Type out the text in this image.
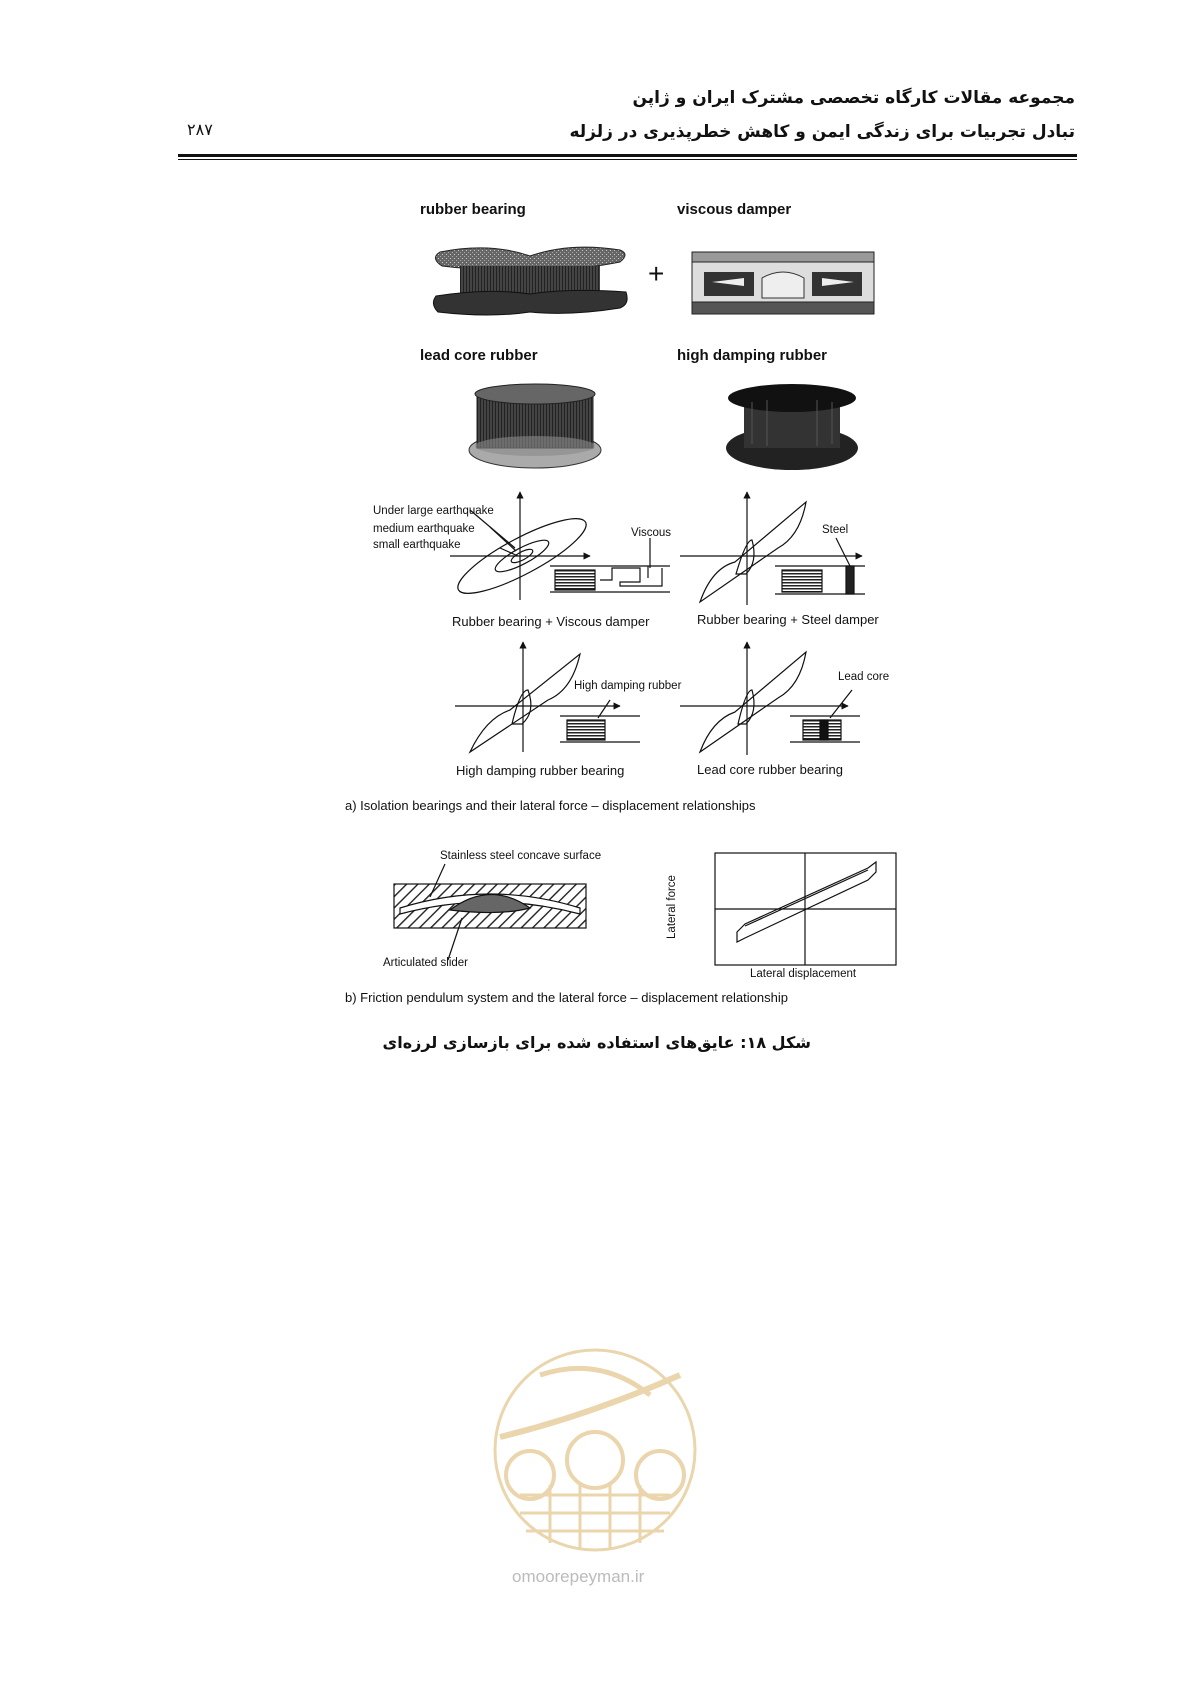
مجموعه مقالات کارگاه تخصصی مشترک ایران و ژاپن
تبادل تجربیات برای زندگی ایمن و کاهش خطرپذیری در زلزله
۲۸۷
rubber bearing	viscous damper
+
lead core rubber	high damping rubber
Under large earthquake
medium earthquake
small earthquake
Viscous	Steel
Rubber bearing + Viscous damper	Rubber bearing + Steel damper
High damping rubber
Lead core
High damping rubber bearing	Lead core rubber bearing
a) Isolation bearings and their lateral force – displacement relationships
Stainless steel concave surface
Articulated slider
Lateral force
Lateral displacement
b) Friction pendulum system and the lateral force – displacement relationship
شکل ۱۸: عایق‌های استفاده شده برای بازسازی لرزه‌ای
omoorepeyman.ir
